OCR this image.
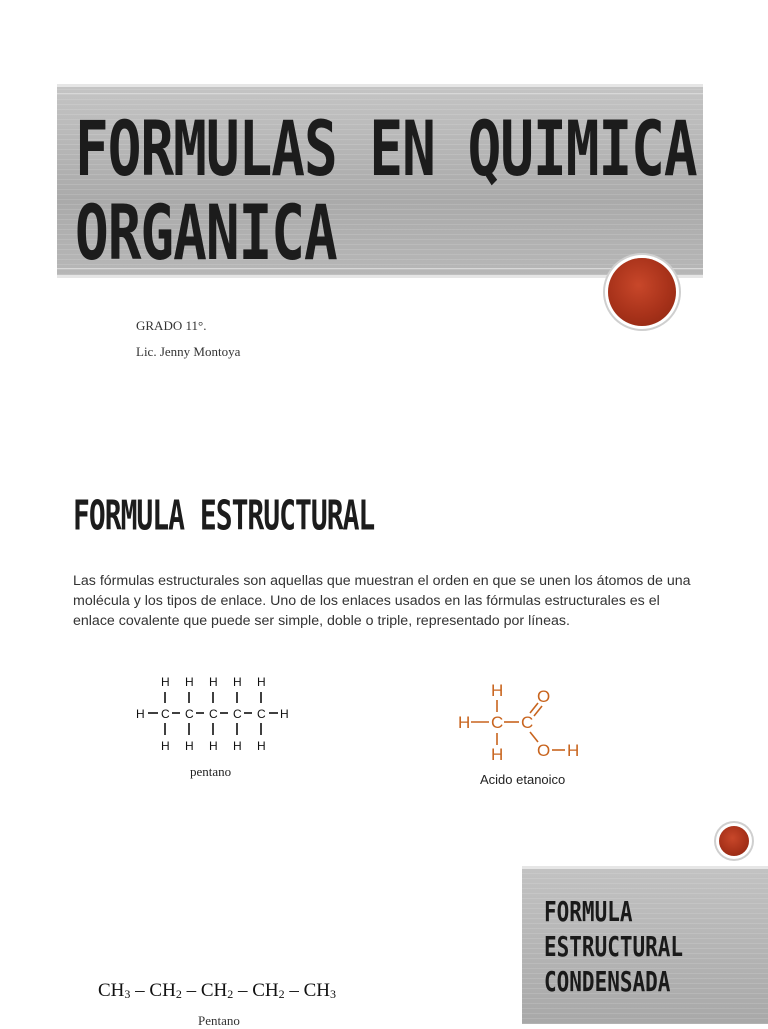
FORMULAS EN QUIMICA
ORGANICA
GRADO 11°.
Lic. Jenny Montoya
FORMULA ESTRUCTURAL

Las fórmulas estructurales son aquellas que muestran el orden en que se unen los átomos de una molécula y los tipos de enlace. Uno de los enlaces usados en las fórmulas estructurales es el enlace covalente que puede ser simple, doble o triple, representado por líneas.

H
C
H
H
C
H
H
C
H
H
C
H
H
C
H
H	H
pentano
H
H C C
O
H O H
Acido etanoico
FORMULA
ESTRUCTURAL
CONDENSADA
$CH_3 - CH_2 - CH_2 - CH_2 - CH_3$
Pentano
